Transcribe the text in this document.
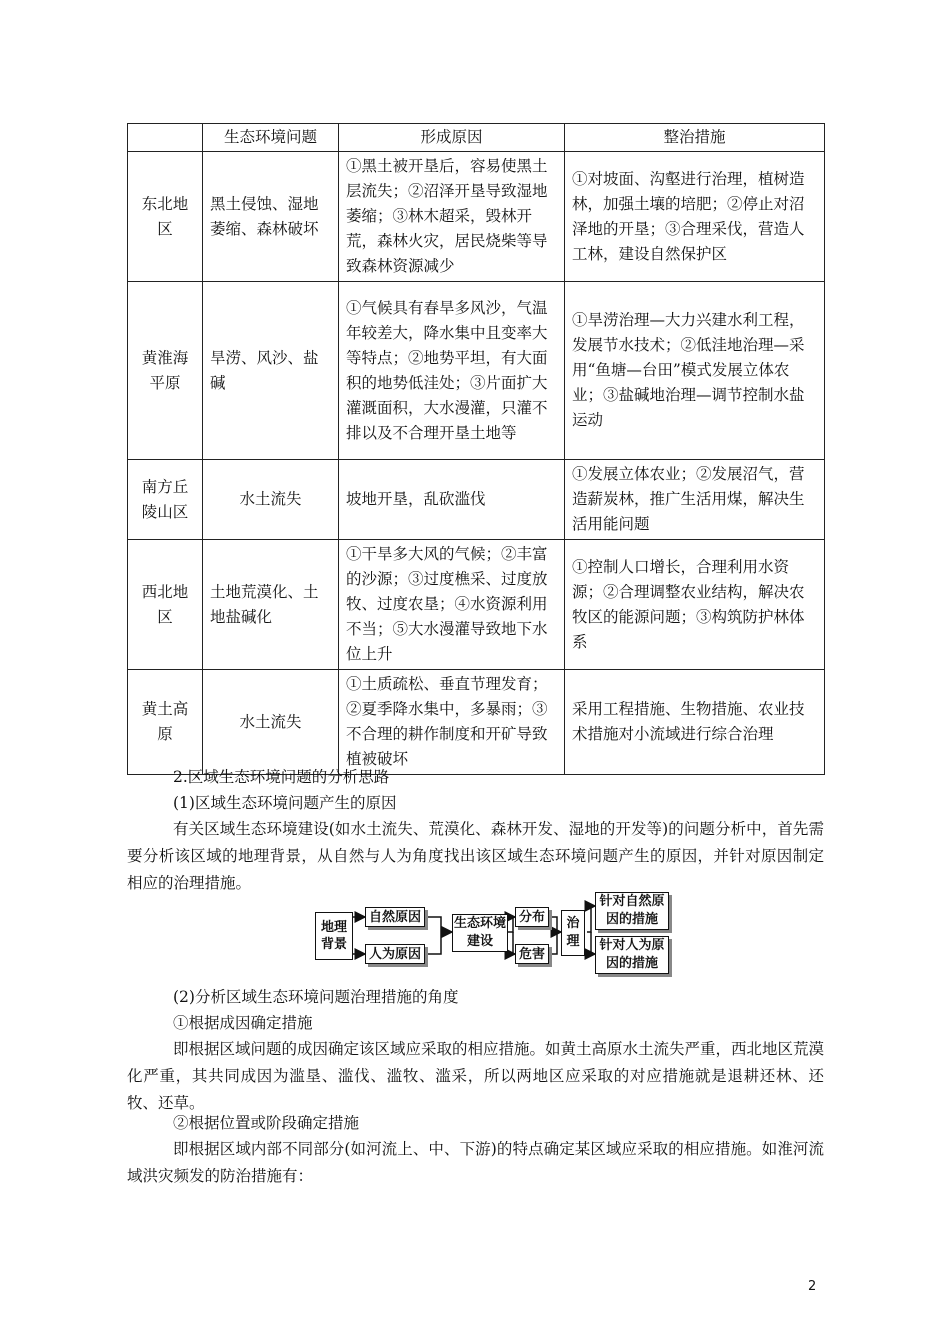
	生态环境问题	形成原因	整治措施
东北地区	黑土侵蚀、湿地萎缩、森林破坏	①黑土被开垦后，容易使黑土层流失；②沼泽开垦导致湿地萎缩；③林木超采，毁林开荒，森林火灾，居民烧柴等导致森林资源减少	①对坡面、沟壑进行治理，植树造林，加强土壤的培肥；②停止对沼泽地的开垦；③合理采伐，营造人工林，建设自然保护区
黄淮海平原	旱涝、风沙、盐碱	①气候具有春旱多风沙，气温年较差大，降水集中且变率大等特点；②地势平坦，有大面积的地势低洼处；③片面扩大灌溉面积，大水漫灌，只灌不排以及不合理开垦土地等	①旱涝治理—大力兴建水利工程，发展节水技术；②低洼地治理—采用“鱼塘—台田”模式发展立体农业；③盐碱地治理—调节控制水盐运动
南方丘陵山区	水土流失	坡地开垦，乱砍滥伐	①发展立体农业；②发展沼气，营造薪炭林，推广生活用煤，解决生活用能问题
西北地区	土地荒漠化、土地盐碱化	①干旱多大风的气候；②丰富的沙源；③过度樵采、过度放牧、过度农垦；④水资源利用不当；⑤大水漫灌导致地下水位上升	①控制人口增长，合理利用水资源；②合理调整农业结构，解决农牧区的能源问题；③构筑防护林体系
黄土高原	水土流失	①土质疏松、垂直节理发育；②夏季降水集中，多暴雨；③不合理的耕作制度和开矿导致植被破坏	采用工程措施、生物措施、农业技术措施对小流域进行综合治理

2.区域生态环境问题的分析思路

(1)区域生态环境问题产生的原因

有关区域生态环境建设(如水土流失、荒漠化、森林开发、湿地的开发等)的问题分析中，首先需要分析该区域的地理背景，从自然与人为角度找出该区域生态环境问题产生的原因，并针对原因制定相应的治理措施。

地理背景
自然原因
人为原因
生态环境建设
分布
危害
治理
针对自然原因的措施
针对人为原因的措施

(2)分析区域生态环境问题治理措施的角度

①根据成因确定措施

即根据区域问题的成因确定该区域应采取的相应措施。如黄土高原水土流失严重，西北地区荒漠化严重，其共同成因为滥垦、滥伐、滥牧、滥采，所以两地区应采取的对应措施就是退耕还林、还牧、还草。

②根据位置或阶段确定措施

即根据区域内部不同部分(如河流上、中、下游)的特点确定某区域应采取的相应措施。如淮河流域洪灾频发的防治措施有：

2
